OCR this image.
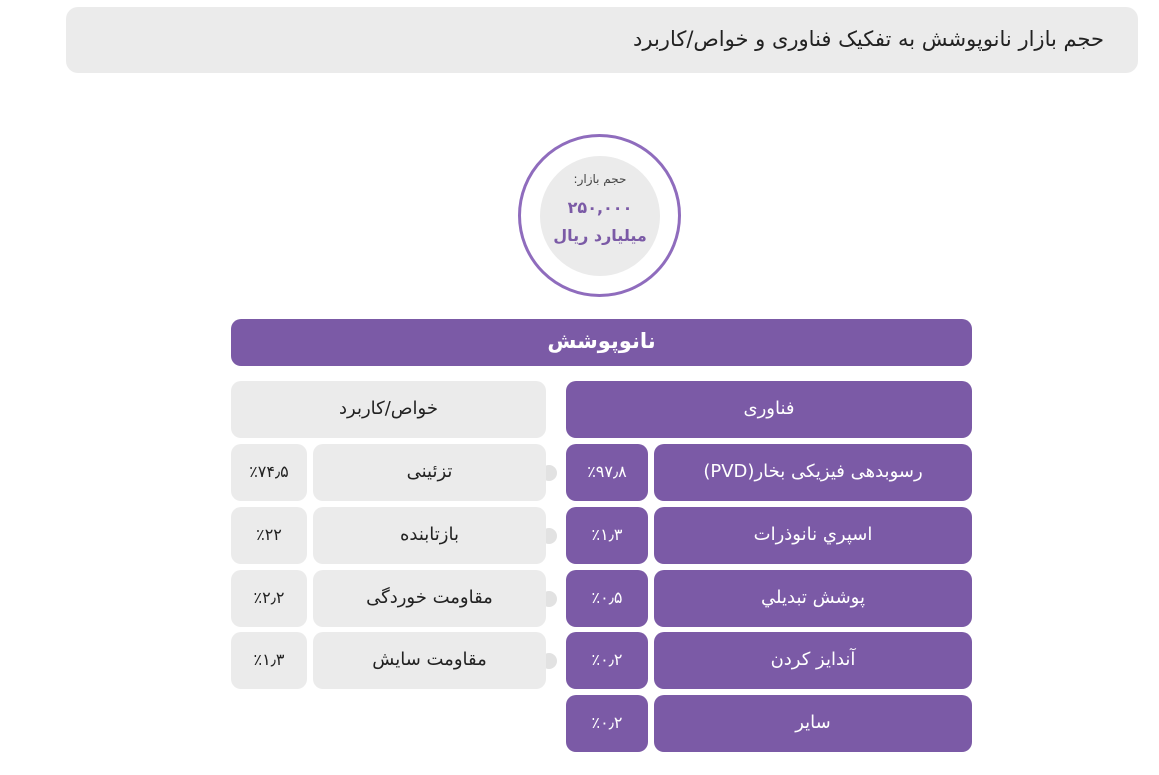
حجم بازار نانوپوشش به تفکیک فناوری و خواص/کاربرد
حجم بازار:
۲۵۰,۰۰۰
میلیارد ریال
نانوپوشش
فناوری
خواص/کاربرد
رسوبدهی فیزیکی بخار(PVD)
٪۹۷٫۸
اسپري نانوذرات
٪۱٫۳
پوشش تبديلي
٪۰٫۵
آندایز کردن
٪۰٫۲
سایر
٪۰٫۲
تزئینی
٪۷۴٫۵
بازتابنده
٪۲۲
مقاومت خوردگی
٪۲٫۲
مقاومت سایش
٪۱٫۳
